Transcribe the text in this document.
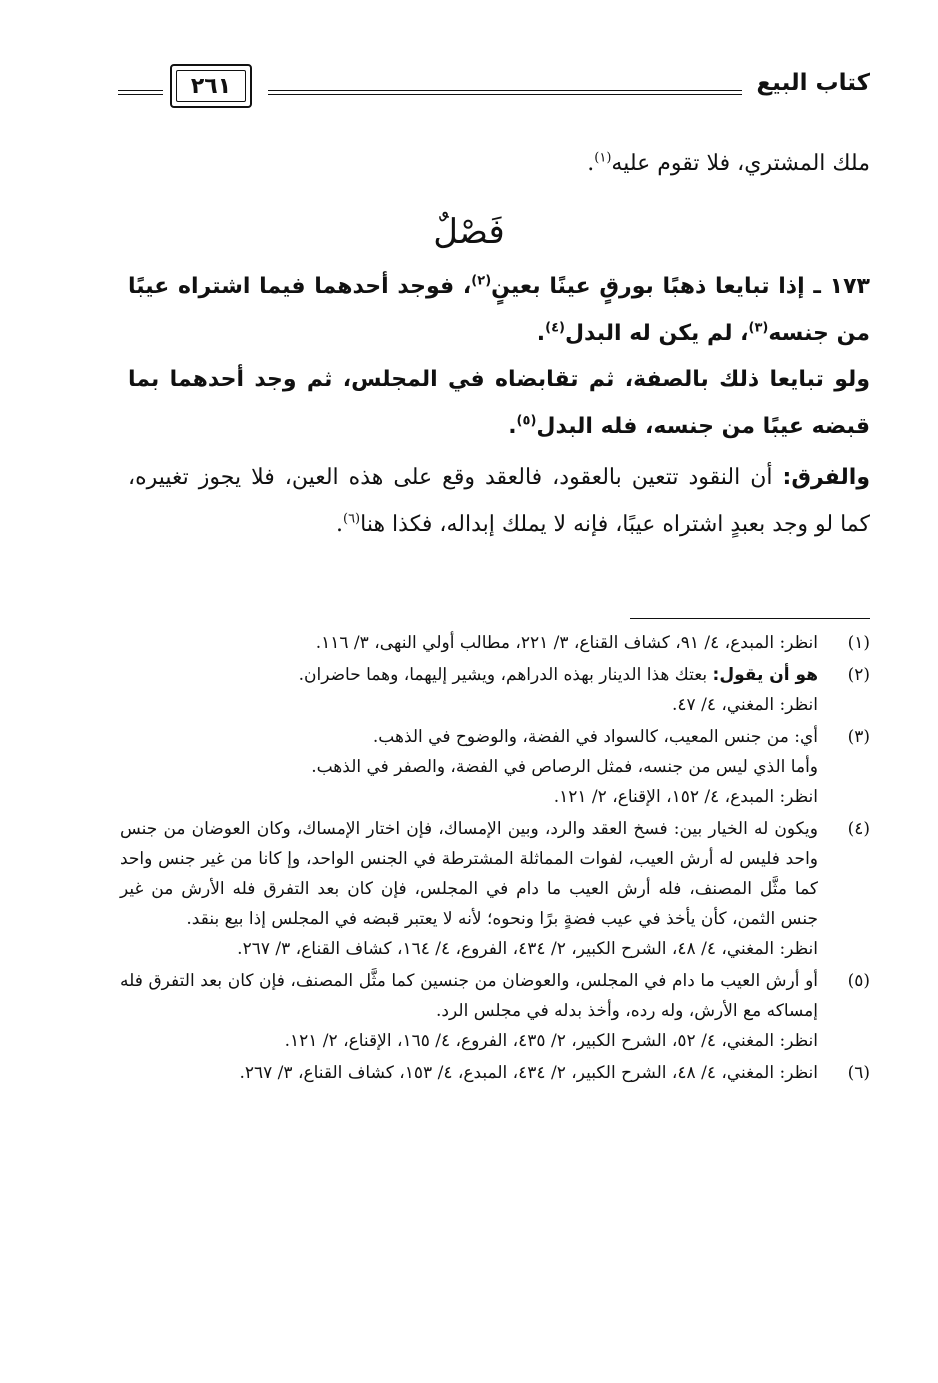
كتاب البيع
٢٦١
ملك المشتري، فلا تقوم عليه$^{(١)}$.
فَصْلٌ
١٧٣ ـ إذا تبايعا ذهبًا بورقٍ عينًا بعينٍ$^{(٢)}$، فوجد أحدهما فيما اشتراه عيبًا من جنسه$^{(٣)}$، لم يكن له البدل$^{(٤)}$.
ولو تبايعا ذلك بالصفة، ثم تقابضاه في المجلس، ثم وجد أحدهما بما قبضه عيبًا من جنسه، فله البدل$^{(٥)}$.
والفرق: أن النقود تتعين بالعقود، فالعقد وقع على هذه العين، فلا يجوز تغييره، كما لو وجد بعبدٍ اشتراه عيبًا، فإنه لا يملك إبداله، فكذا هنا$^{(٦)}$.
(١)

انظر: المبدع، ٤/ ٩١، كشاف القناع، ٣/ ٢٢١، مطالب أولي النهى، ٣/ ١١٦.

(٢)

هو أن يقول: بعتك هذا الدينار بهذه الدراهم، ويشير إليهما، وهما حاضران.

انظر: المغني، ٤/ ٤٧.

(٣)

أي: من جنس المعيب، كالسواد في الفضة، والوضوح في الذهب.

وأما الذي ليس من جنسه، فمثل الرصاص في الفضة، والصفر في الذهب.

انظر: المبدع، ٤/ ١٥٢، الإقناع، ٢/ ١٢١.

(٤)

ويكون له الخيار بين: فسخ العقد والرد، وبين الإمساك، فإن اختار الإمساك، وكان العوضان من جنس واحد فليس له أرش العيب، لفوات المماثلة المشترطة في الجنس الواحد، وإ كانا من غير جنس واحد كما مثَّل المصنف، فله أرش العيب ما دام في المجلس، فإن كان بعد التفرق فله الأرش من غير جنس الثمن، كأن يأخذ في عيب فضةٍ برًا ونحوه؛ لأنه لا يعتبر قبضه في المجلس إذا بيع بنقد.

انظر: المغني، ٤/ ٤٨، الشرح الكبير، ٢/ ٤٣٤، الفروع، ٤/ ١٦٤، كشاف القناع، ٣/ ٢٦٧.

(٥)

أو أرش العيب ما دام في المجلس، والعوضان من جنسين كما مثَّل المصنف، فإن كان بعد التفرق فله إمساكه مع الأرش، وله رده، وأخذ بدله في مجلس الرد.

انظر: المغني، ٤/ ٥٢، الشرح الكبير، ٢/ ٤٣٥، الفروع، ٤/ ١٦٥، الإقناع، ٢/ ١٢١.

(٦)

انظر: المغني، ٤/ ٤٨، الشرح الكبير، ٢/ ٤٣٤، المبدع، ٤/ ١٥٣، كشاف القناع، ٣/ ٢٦٧.
